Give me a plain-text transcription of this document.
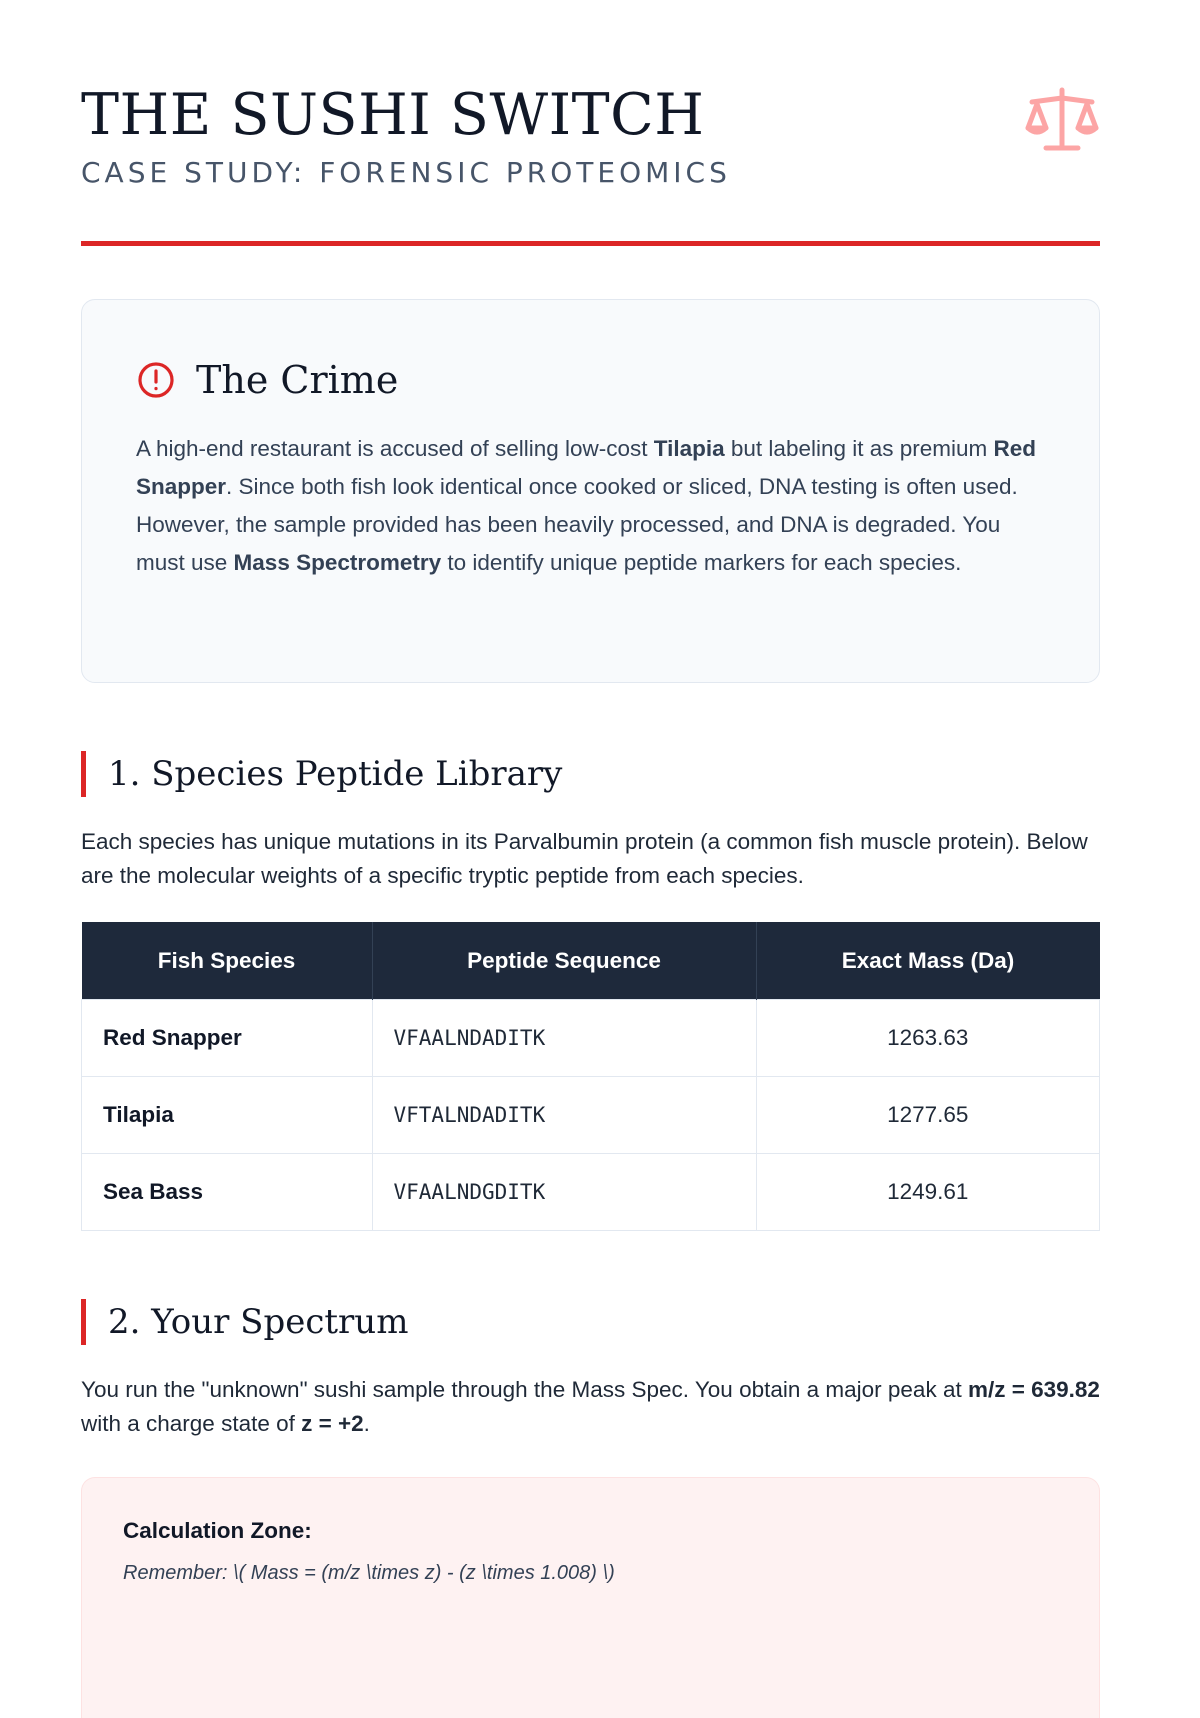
THE SUSHI SWITCH
CASE STUDY: FORENSIC PROTEOMICS
The Crime
A high-end restaurant is accused of selling low-cost Tilapia but labeling it as premium Red Snapper. Since both fish look identical once cooked or sliced, DNA testing is often used. However, the sample provided has been heavily processed, and DNA is degraded. You must use Mass Spectrometry to identify unique peptide markers for each species.
1. Species Peptide Library
Each species has unique mutations in its Parvalbumin protein (a common fish muscle protein). Below are the molecular weights of a specific tryptic peptide from each species.
Fish Species	Peptide Sequence	Exact Mass (Da)
Red Snapper	VFAALNDADITK	1263.63
Tilapia	VFTALNDADITK	1277.65
Sea Bass	VFAALNDGDITK	1249.61
2. Your Spectrum
You run the "unknown" sushi sample through the Mass Spec. You obtain a major peak at m/z = 639.82 with a charge state of z = +2.
Calculation Zone:
Remember: \( Mass = (m/z \times z) - (z \times 1.008) \)
